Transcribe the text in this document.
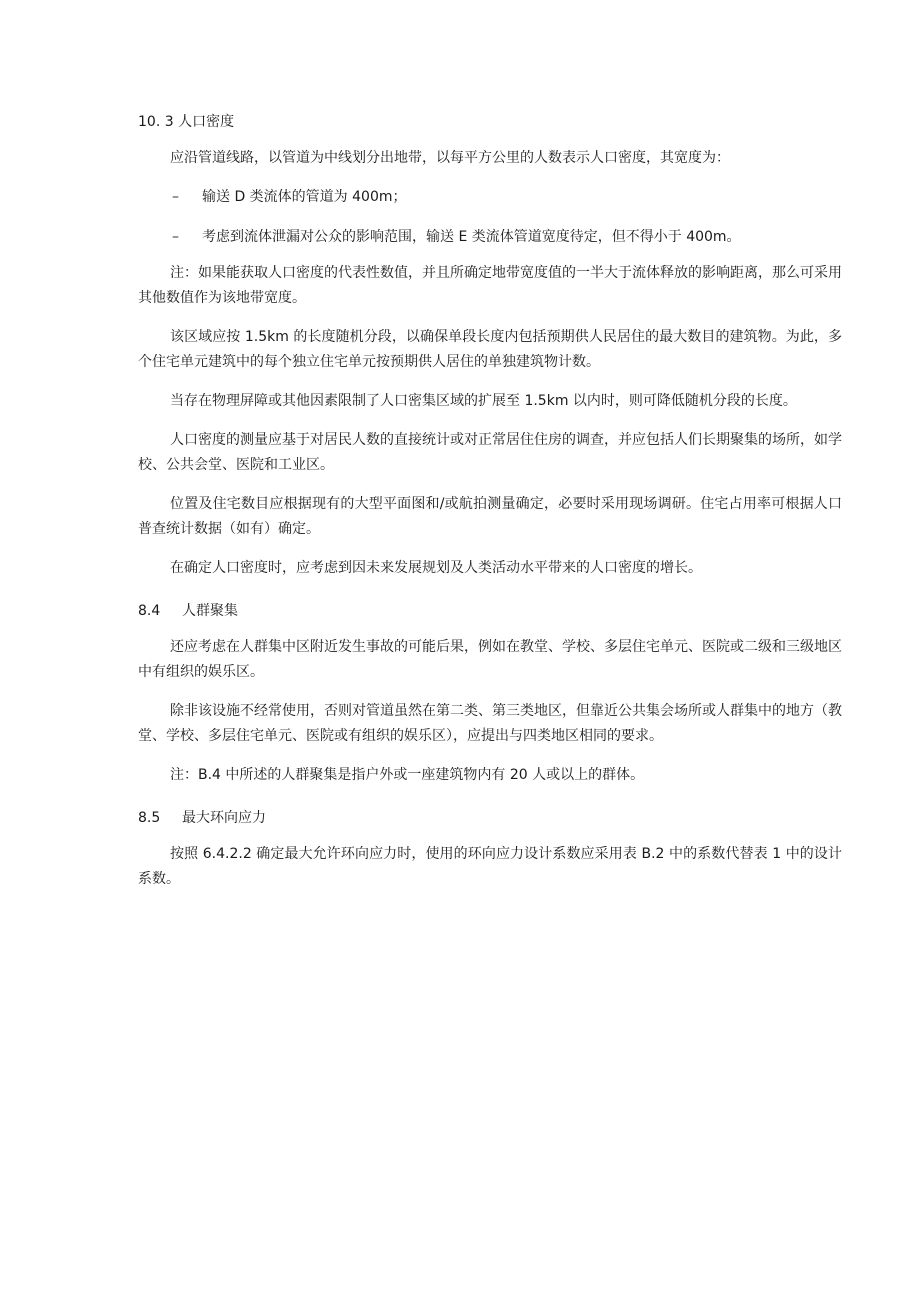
10. 3 人口密度

应沿管道线路，以管道为中线划分出地带，以每平方公里的人数表示人口密度，其宽度为：

– 输送 D 类流体的管道为 400m；

– 考虑到流体泄漏对公众的影响范围，输送 E 类流体管道宽度待定，但不得小于 400m。

注：如果能获取人口密度的代表性数值，并且所确定地带宽度值的一半大于流体释放的影响距离，那么可采用其他数值作为该地带宽度。

该区域应按 1.5km 的长度随机分段，以确保单段长度内包括预期供人民居住的最大数目的建筑物。为此，多个住宅单元建筑中的每个独立住宅单元按预期供人居住的单独建筑物计数。

当存在物理屏障或其他因素限制了人口密集区域的扩展至 1.5km 以内时，则可降低随机分段的长度。

人口密度的测量应基于对居民人数的直接统计或对正常居住住房的调查，并应包括人们长期聚集的场所，如学校、公共会堂、医院和工业区。

位置及住宅数目应根据现有的大型平面图和/或航拍测量确定，必要时采用现场调研。住宅占用率可根据人口普查统计数据（如有）确定。

在确定人口密度时，应考虑到因未来发展规划及人类活动水平带来的人口密度的增长。

8.4 人群聚集

还应考虑在人群集中区附近发生事故的可能后果，例如在教堂、学校、多层住宅单元、医院或二级和三级地区中有组织的娱乐区。

除非该设施不经常使用，否则对管道虽然在第二类、第三类地区，但靠近公共集会场所或人群集中的地方（教堂、学校、多层住宅单元、医院或有组织的娱乐区），应提出与四类地区相同的要求。

注：B.4 中所述的人群聚集是指户外或一座建筑物内有 20 人或以上的群体。

8.5 最大环向应力

按照 6.4.2.2 确定最大允许环向应力时，使用的环向应力设计系数应采用表 B.2 中的系数代替表 1 中的设计系数。
